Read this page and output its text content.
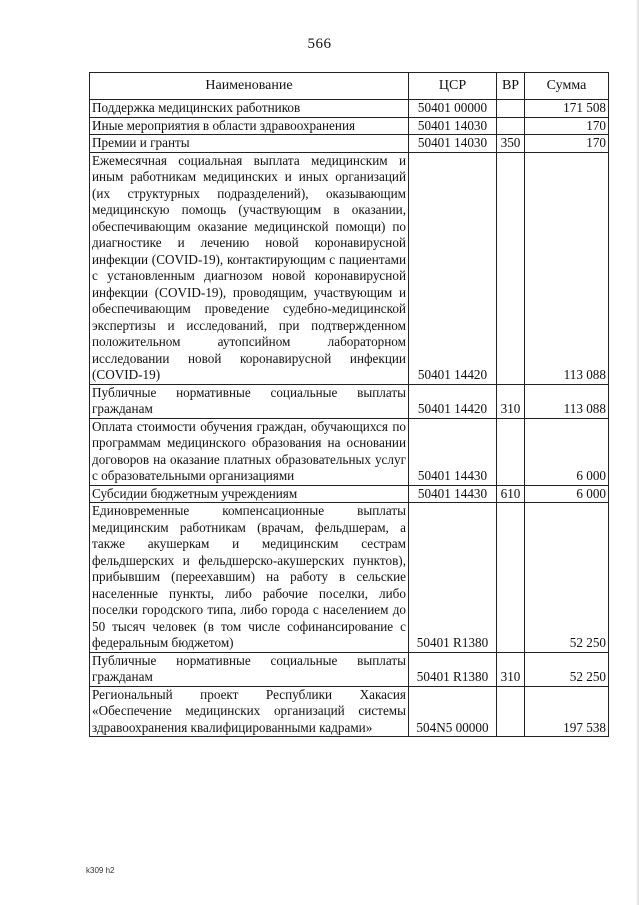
566
Наименование	ЦСР	ВР	Сумма
Поддержка медицинских работников	50401 00000		171 508
Иные мероприятия в области здравоохранения	50401 14030		170
Премии и гранты	50401 14030	350	170
Ежемесячная социальная выплата медицинским и иным работникам медицинских и иных организаций (их структурных подразделений), оказывающим медицинскую помощь (участвующим в оказании, обеспечивающим оказание медицинской помощи) по диагностике и лечению новой коронавирусной инфекции (COVID-19), контактирующим с пациентами с установленным диагнозом новой коронавирусной инфекции (COVID-19), проводящим, участвующим и обеспечивающим проведение судебно-медицинской экспертизы и исследований, при подтвержденном положительном аутопсийном лабораторном исследовании новой коронавирусной инфекции (COVID-19)	50401 14420		113 088
Публичные нормативные социальные выплаты гражданам	50401 14420	310	113 088
Оплата стоимости обучения граждан, обучающихся по программам медицинского образования на основании договоров на оказание платных образовательных услуг с образовательными организациями	50401 14430		6 000
Субсидии бюджетным учреждениям	50401 14430	610	6 000
Единовременные компенсационные выплаты медицинским работникам (врачам, фельдшерам, а также акушеркам и медицинским сестрам фельдшерских и фельдшерско-акушерских пунктов), прибывшим (переехавшим) на работу в сельские населенные пункты, либо рабочие поселки, либо поселки городского типа, либо города с населением до 50 тысяч человек (в том числе софинансирование с федеральным бюджетом)	50401 R1380		52 250
Публичные нормативные социальные выплаты гражданам	50401 R1380	310	52 250
Региональный проект Республики Хакасия «Обеспечение медицинских организаций системы здравоохранения квалифицированными кадрами»	504N5 00000		197 538
k309 h2
